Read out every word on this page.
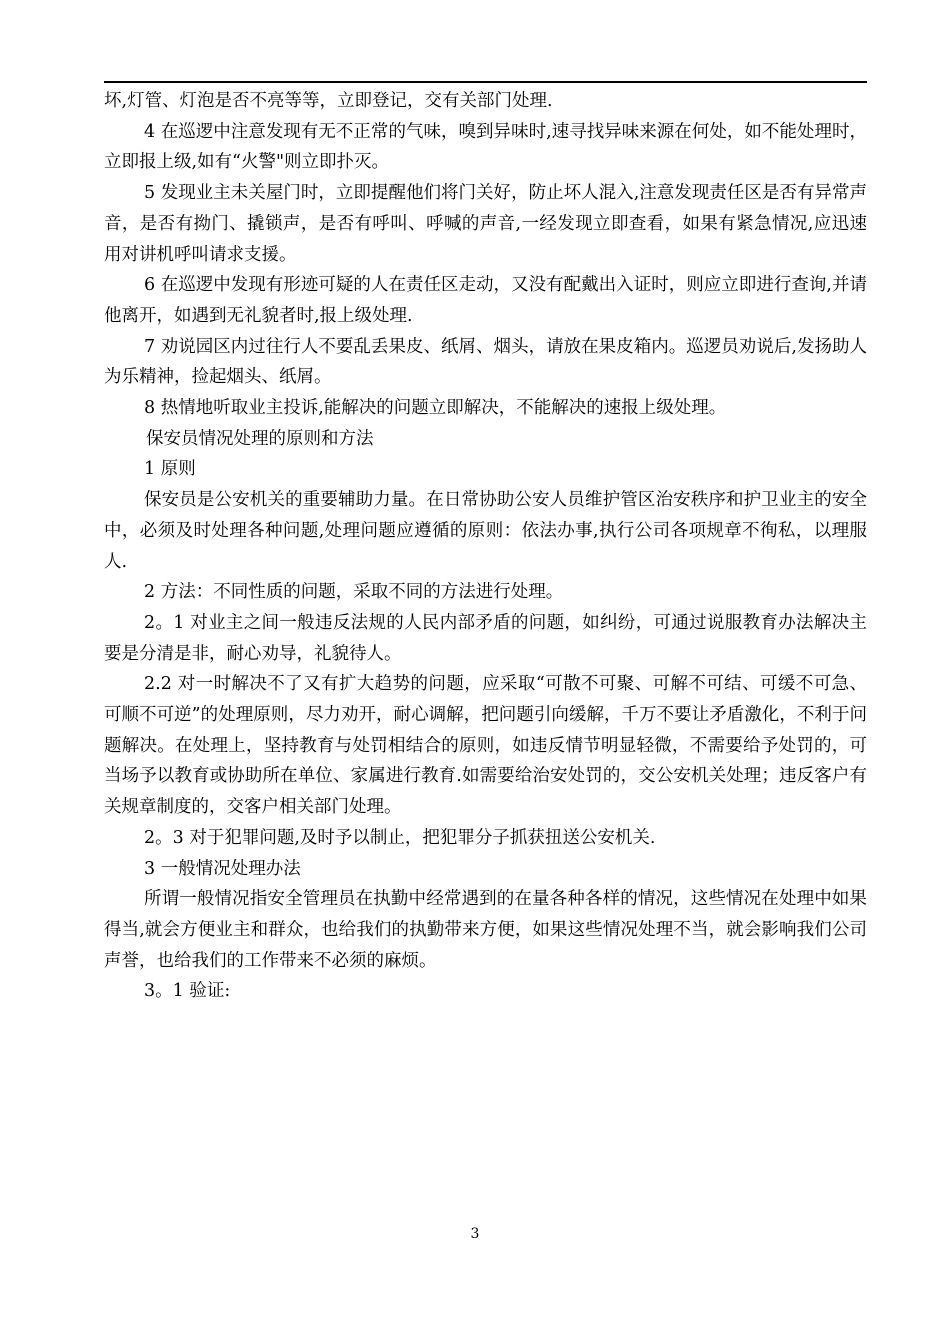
坏,灯管、灯泡是否不亮等等，立即登记，交有关部门处理.

4 在巡逻中注意发现有无不正常的气味，嗅到异味时,速寻找异味来源在何处，如不能处理时，立即报上级,如有“火警"则立即扑灭。

5 发现业主未关屋门时，立即提醒他们将门关好，防止坏人混入,注意发现责任区是否有异常声音，是否有拗门、撬锁声，是否有呼叫、呼喊的声音,一经发现立即查看，如果有紧急情况,应迅速用对讲机呼叫请求支援。

6 在巡逻中发现有形迹可疑的人在责任区走动，又没有配戴出入证时，则应立即进行查询,并请他离开，如遇到无礼貌者时,报上级处理.

7 劝说园区内过往行人不要乱丢果皮、纸屑、烟头，请放在果皮箱内。巡逻员劝说后,发扬助人为乐精神，捡起烟头、纸屑。

8 热情地听取业主投诉,能解决的问题立即解决，不能解决的速报上级处理。

保安员情况处理的原则和方法

1 原则

保安员是公安机关的重要辅助力量。在日常协助公安人员维护管区治安秩序和护卫业主的安全中，必须及时处理各种问题,处理问题应遵循的原则：依法办事,执行公司各项规章不徇私，以理服人.

2 方法：不同性质的问题，采取不同的方法进行处理。

2。1 对业主之间一般违反法规的人民内部矛盾的问题，如纠纷，可通过说服教育办法解决主要是分清是非，耐心劝导，礼貌待人。

2.2 对一时解决不了又有扩大趋势的问题，应采取“可散不可聚、可解不可结、可缓不可急、可顺不可逆”的处理原则，尽力劝开，耐心调解，把问题引向缓解，千万不要让矛盾激化，不利于问题解决。在处理上，坚持教育与处罚相结合的原则，如违反情节明显轻微，不需要给予处罚的，可当场予以教育或协助所在单位、家属进行教育.如需要给治安处罚的，交公安机关处理；违反客户有关规章制度的，交客户相关部门处理。

2。3 对于犯罪问题,及时予以制止，把犯罪分子抓获扭送公安机关.

3 一般情况处理办法

所谓一般情况指安全管理员在执勤中经常遇到的在量各种各样的情况，这些情况在处理中如果得当,就会方便业主和群众，也给我们的执勤带来方便，如果这些情况处理不当，就会影响我们公司声誉，也给我们的工作带来不必须的麻烦。

3。1 验证:

3
